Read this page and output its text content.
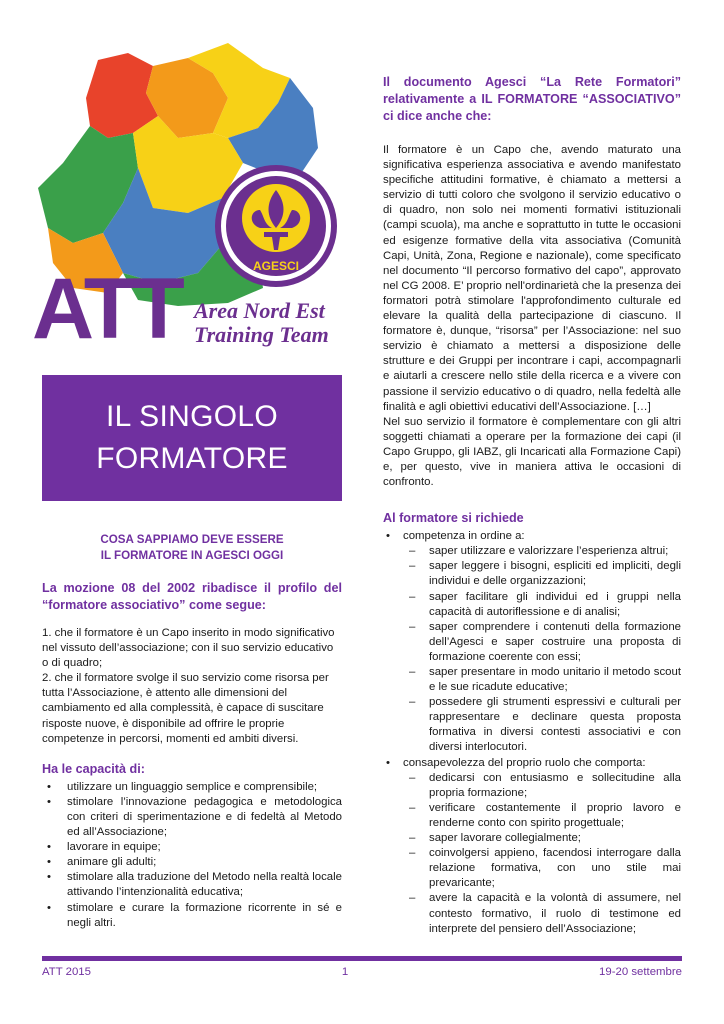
AGESCI
ATT Area Nord Est
Training Team
IL SINGOLO
FORMATORE
COSA SAPPIAMO DEVE ESSERE
IL FORMATORE IN AGESCI OGGI
La mozione 08 del 2002 ribadisce il profilo del “formatore associativo” come segue:

1. che il formatore è un Capo inserito in modo significativo nel vissuto dell’associazione; con il suo servizio educativo o di quadro;

2. che il formatore svolge il suo servizio come risorsa per tutta l’Associazione, è attento alle dimensioni del cambiamento ed alla complessità, è capace di suscitare risposte nuove, è disponibile ad offrire le proprie competenze in percorsi, momenti ed ambiti diversi.

Ha le capacità di:
• utilizzare un linguaggio semplice e comprensibile;
• stimolare l’innovazione pedagogica e metodologica con criteri di sperimentazione e di fedeltà al Metodo ed all’Associazione;
• lavorare in equipe;
• animare gli adulti;
• stimolare alla traduzione del Metodo nella realtà locale attivando l’intenzionalità educativa;
• stimolare e curare la formazione ricorrente in sé e negli altri.
Il documento Agesci “La Rete Formatori” relativamente a IL FORMATORE “ASSOCIATIVO” ci dice anche che:

Il formatore è un Capo che, avendo maturato una significativa esperienza associativa e avendo manifestato specifiche attitudini formative, è chiamato a mettersi a servizio di tutti coloro che svolgono il servizio educativo o di quadro, non solo nei momenti formativi istituzionali (campi scuola), ma anche e soprattutto in tutte le occasioni ed esigenze formative della vita associativa (Comunità Capi, Unità, Zona, Regione e nazionale), come specificato nel documento “Il percorso formativo del capo”, approvato nel CG 2008. E’ proprio nell'ordinarietà che la presenza dei formatori potrà stimolare l'approfondimento culturale ed elevare la qualità della partecipazione di ciascuno. Il formatore è, dunque, “risorsa” per l’Associazione: nel suo servizio è chiamato a mettersi a disposizione delle strutture e dei Gruppi per incontrare i capi, accompagnarli e aiutarli a crescere nello stile della ricerca e a vivere con passione il servizio educativo o di quadro, nella fedeltà alle finalità e agli obiettivi educativi dell’Associazione. […]

Nel suo servizio il formatore è complementare con gli altri soggetti chiamati a operare per la formazione dei capi (il Capo Gruppo, gli IABZ, gli Incaricati alla Formazione Capi) e, per questo, vive in maniera attiva le occasioni di confronto.

Al formatore si richiede
• competenza in ordine a:
– saper utilizzare e valorizzare l’esperienza altrui;
– saper leggere i bisogni, espliciti ed impliciti, degli individui e delle organizzazioni;
– saper facilitare gli individui ed i gruppi nella capacità di autoriflessione e di analisi;
– saper comprendere i contenuti della formazione dell’Agesci e saper costruire una proposta di formazione coerente con essi;
– saper presentare in modo unitario il metodo scout e le sue ricadute educative;
– possedere gli strumenti espressivi e culturali per rappresentare e declinare questa proposta formativa in diversi contesti associativi e con diversi interlocutori.
• consapevolezza del proprio ruolo che comporta:
– dedicarsi con entusiasmo e sollecitudine alla propria formazione;
– verificare costantemente il proprio lavoro e renderne conto con spirito progettuale;
– saper lavorare collegialmente;
– coinvolgersi appieno, facendosi interrogare dalla relazione formativa, con uno stile mai prevaricante;
– avere la capacità e la volontà di assumere, nel contesto formativo, il ruolo di testimone ed interprete del pensiero dell’Associazione;
ATT 2015	1	19-20 settembre
